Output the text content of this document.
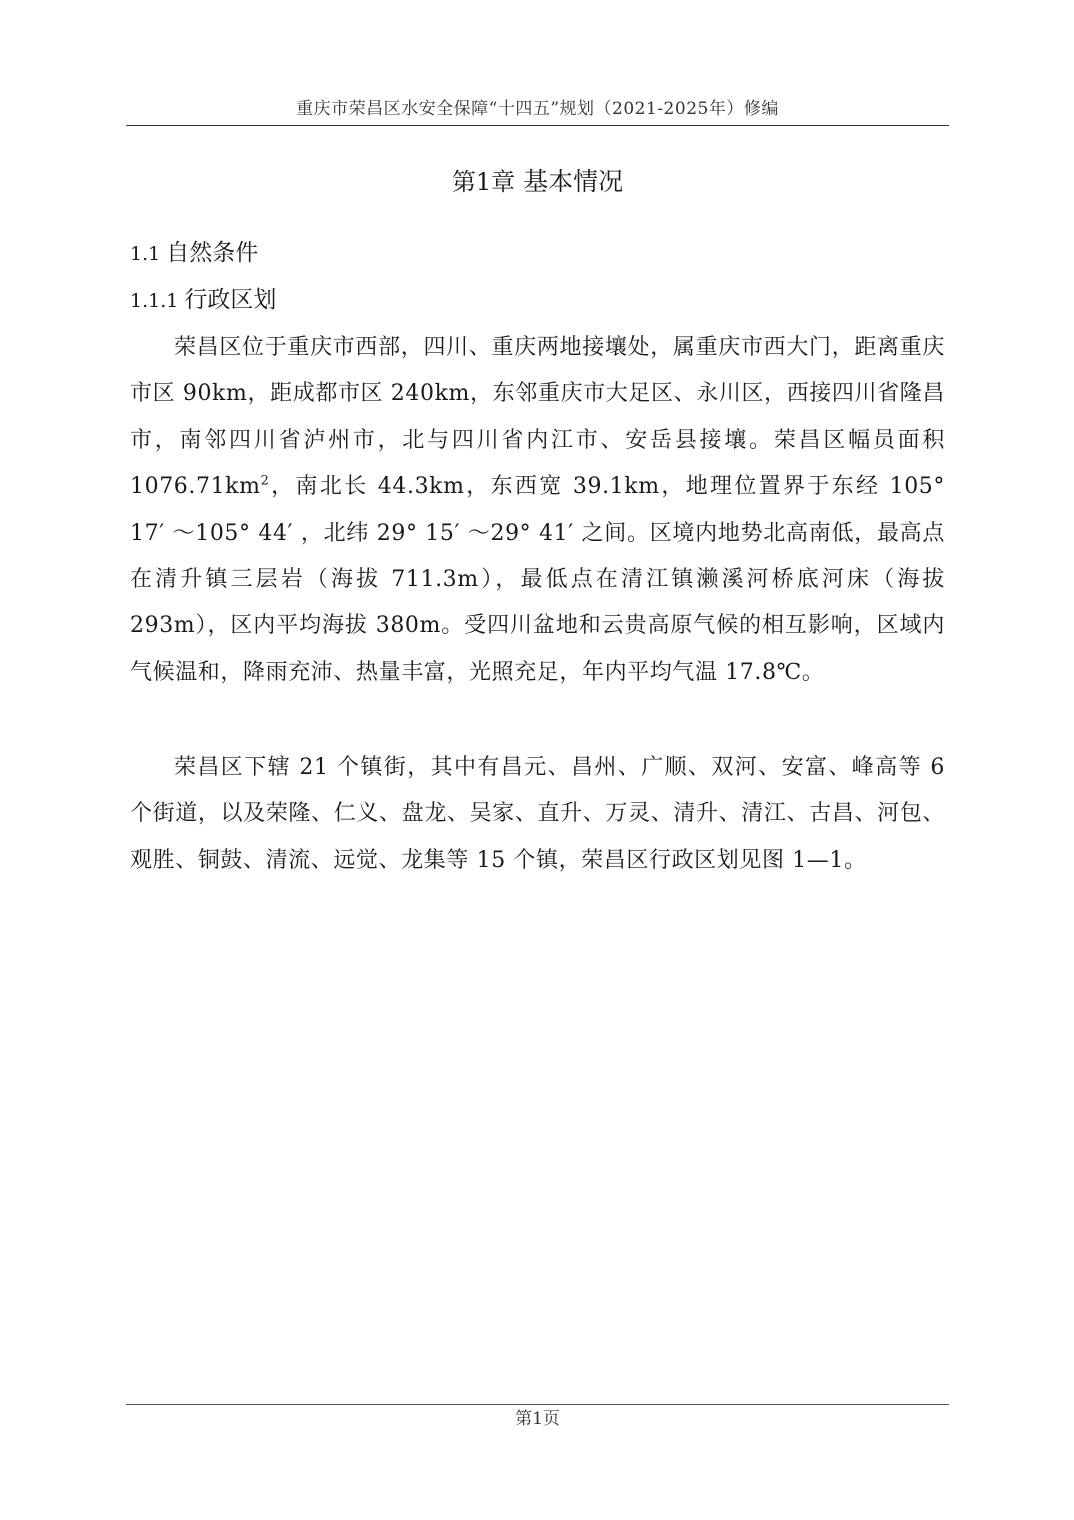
重庆市荣昌区水安全保障“十四五”规划（2021-2025年）修编
第1章 基本情况
1.1 自然条件
1.1.1 行政区划

荣昌区位于重庆市西部，四川、重庆两地接壤处，属重庆市西大门，距离重庆市区 90km，距成都市区 240km，东邻重庆市大足区、永川区，西接四川省隆昌市，南邻四川省泸州市，北与四川省内江市、安岳县接壤。荣昌区幅员面积 $1076.71km^2$，南北长 44.3km，东西宽 39.1km，地理位置界于东经 105° 17′ ～105° 44′ ，北纬 29° 15′ ～29° 41′ 之间。区境内地势北高南低，最高点在清升镇三层岩（海拔 711.3m），最低点在清江镇濑溪河桥底河床（海拔 293m），区内平均海拔 380m。受四川盆地和云贵高原气候的相互影响，区域内气候温和，降雨充沛、热量丰富，光照充足，年内平均气温 17.8℃。

荣昌区下辖 21 个镇街，其中有昌元、昌州、广顺、双河、安富、峰高等 6 个街道，以及荣隆、仁义、盘龙、吴家、直升、万灵、清升、清江、古昌、河包、观胜、铜鼓、清流、远觉、龙集等 15 个镇，荣昌区行政区划见图 1—1。

第1页
